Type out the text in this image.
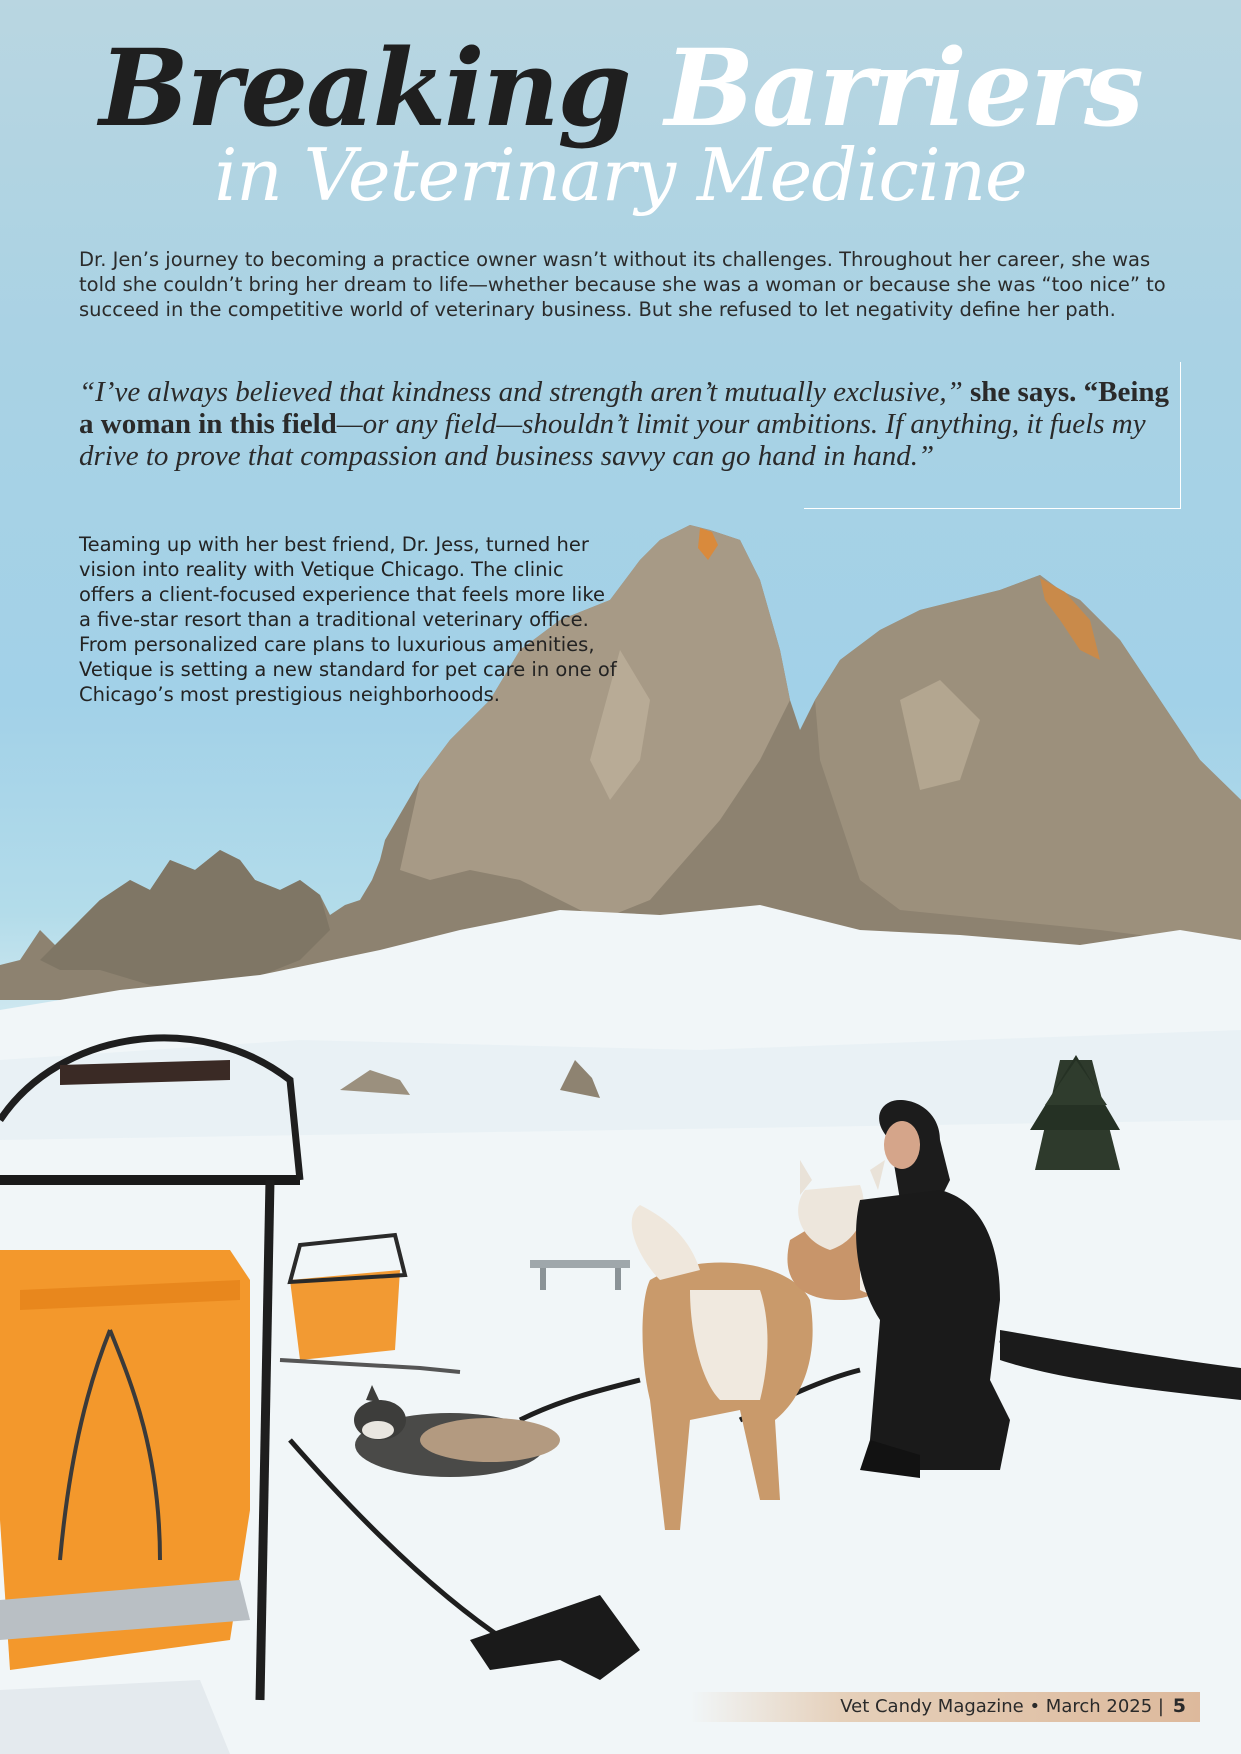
Breaking Barriers
in Veterinary Medicine

Dr. Jen’s journey to becoming a practice owner wasn’t without its challenges. Throughout her career, she was told she couldn’t bring her dream to life—whether because she was a woman or because she was “too nice” to succeed in the competitive world of veterinary business. But she refused to let negativity define her path.

“I’ve always believed that kindness and strength aren’t mutually exclusive,” she says. “Being a woman in this field—or any field—shouldn’t limit your ambitions. If anything, it fuels my drive to prove that compassion and business savvy can go hand in hand.”

Teaming up with her best friend, Dr. Jess, turned her vision into reality with Vetique Chicago. The clinic offers a client-focused experience that feels more like a five-star resort than a traditional veterinary office. From personalized care plans to luxurious amenities, Vetique is setting a new standard for pet care in one of Chicago’s most prestigious neighborhoods.

Vet Candy Magazine • March 2025 | 5
